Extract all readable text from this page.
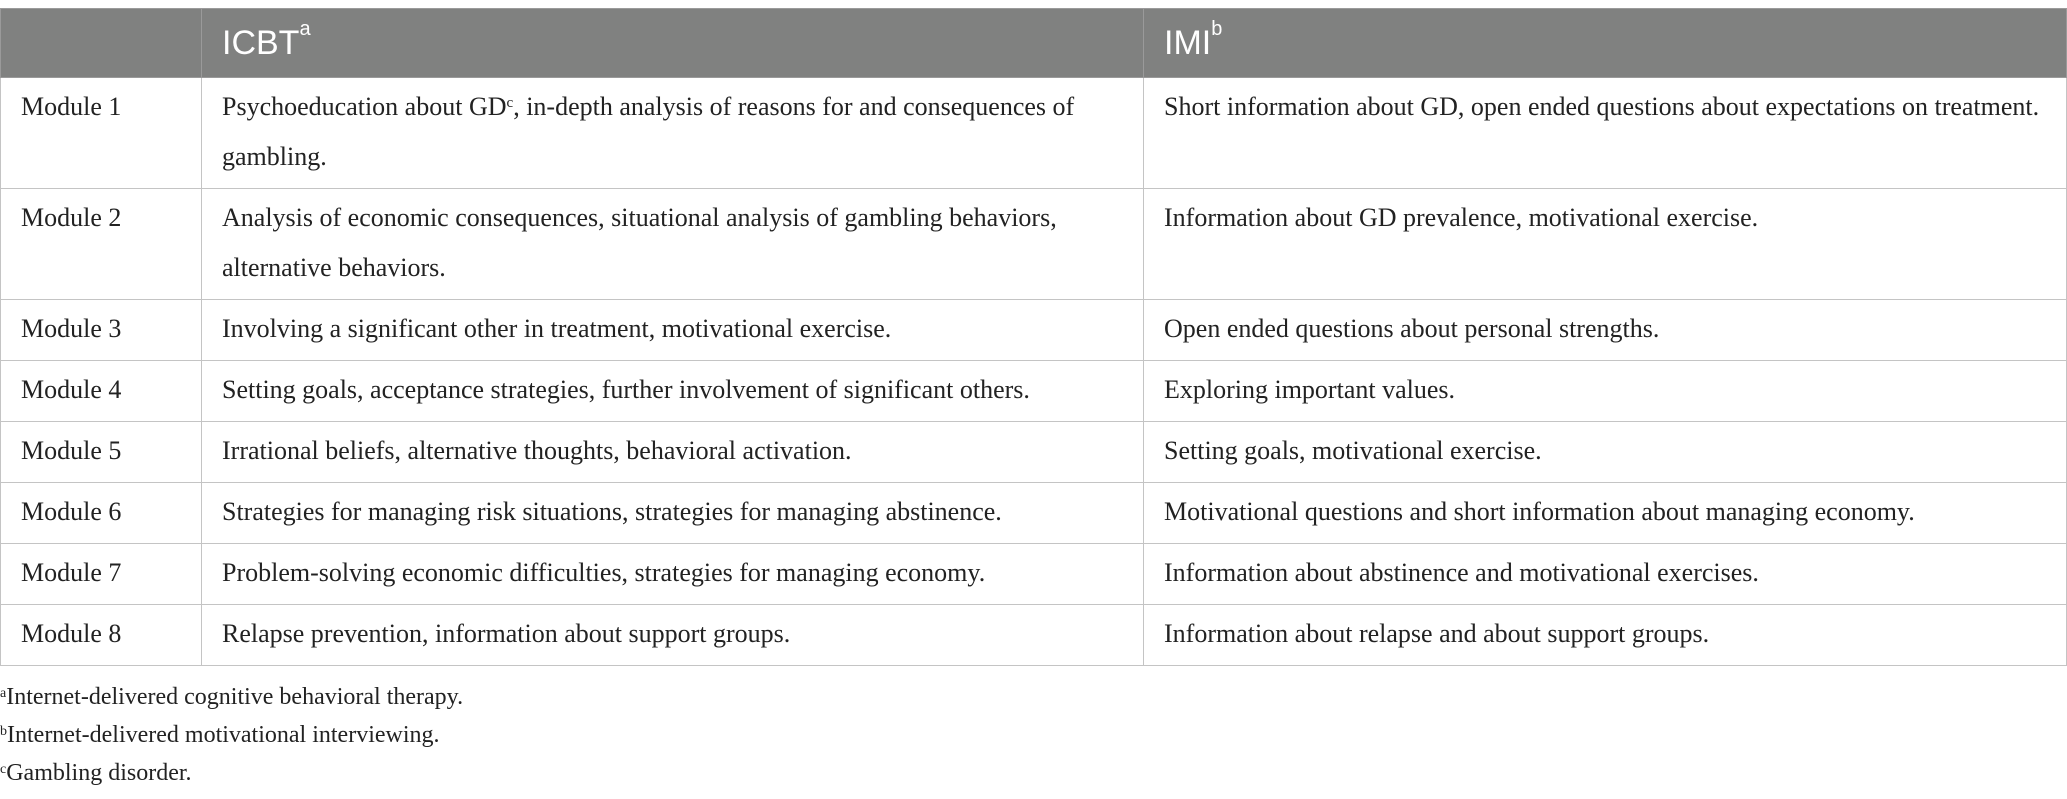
	ICBT$^a$	IMI$^b$
Module 1	Psychoeducation about $GD^c$, in-depth analysis of reasons for and consequences of gambling.	Short information about GD, open ended questions about expectations on treatment.
Module 2	Analysis of economic consequences, situational analysis of gambling behaviors, alternative behaviors.	Information about GD prevalence, motivational exercise.
Module 3	Involving a significant other in treatment, motivational exercise.	Open ended questions about personal strengths.
Module 4	Setting goals, acceptance strategies, further involvement of significant others.	Exploring important values.
Module 5	Irrational beliefs, alternative thoughts, behavioral activation.	Setting goals, motivational exercise.
Module 6	Strategies for managing risk situations, strategies for managing abstinence.	Motivational questions and short information about managing economy.
Module 7	Problem-solving economic difficulties, strategies for managing economy.	Information about abstinence and motivational exercises.
Module 8	Relapse prevention, information about support groups.	Information about relapse and about support groups.
$^a$Internet-delivered cognitive behavioral therapy.
$^b$Internet-delivered motivational interviewing.
$^c$Gambling disorder.
